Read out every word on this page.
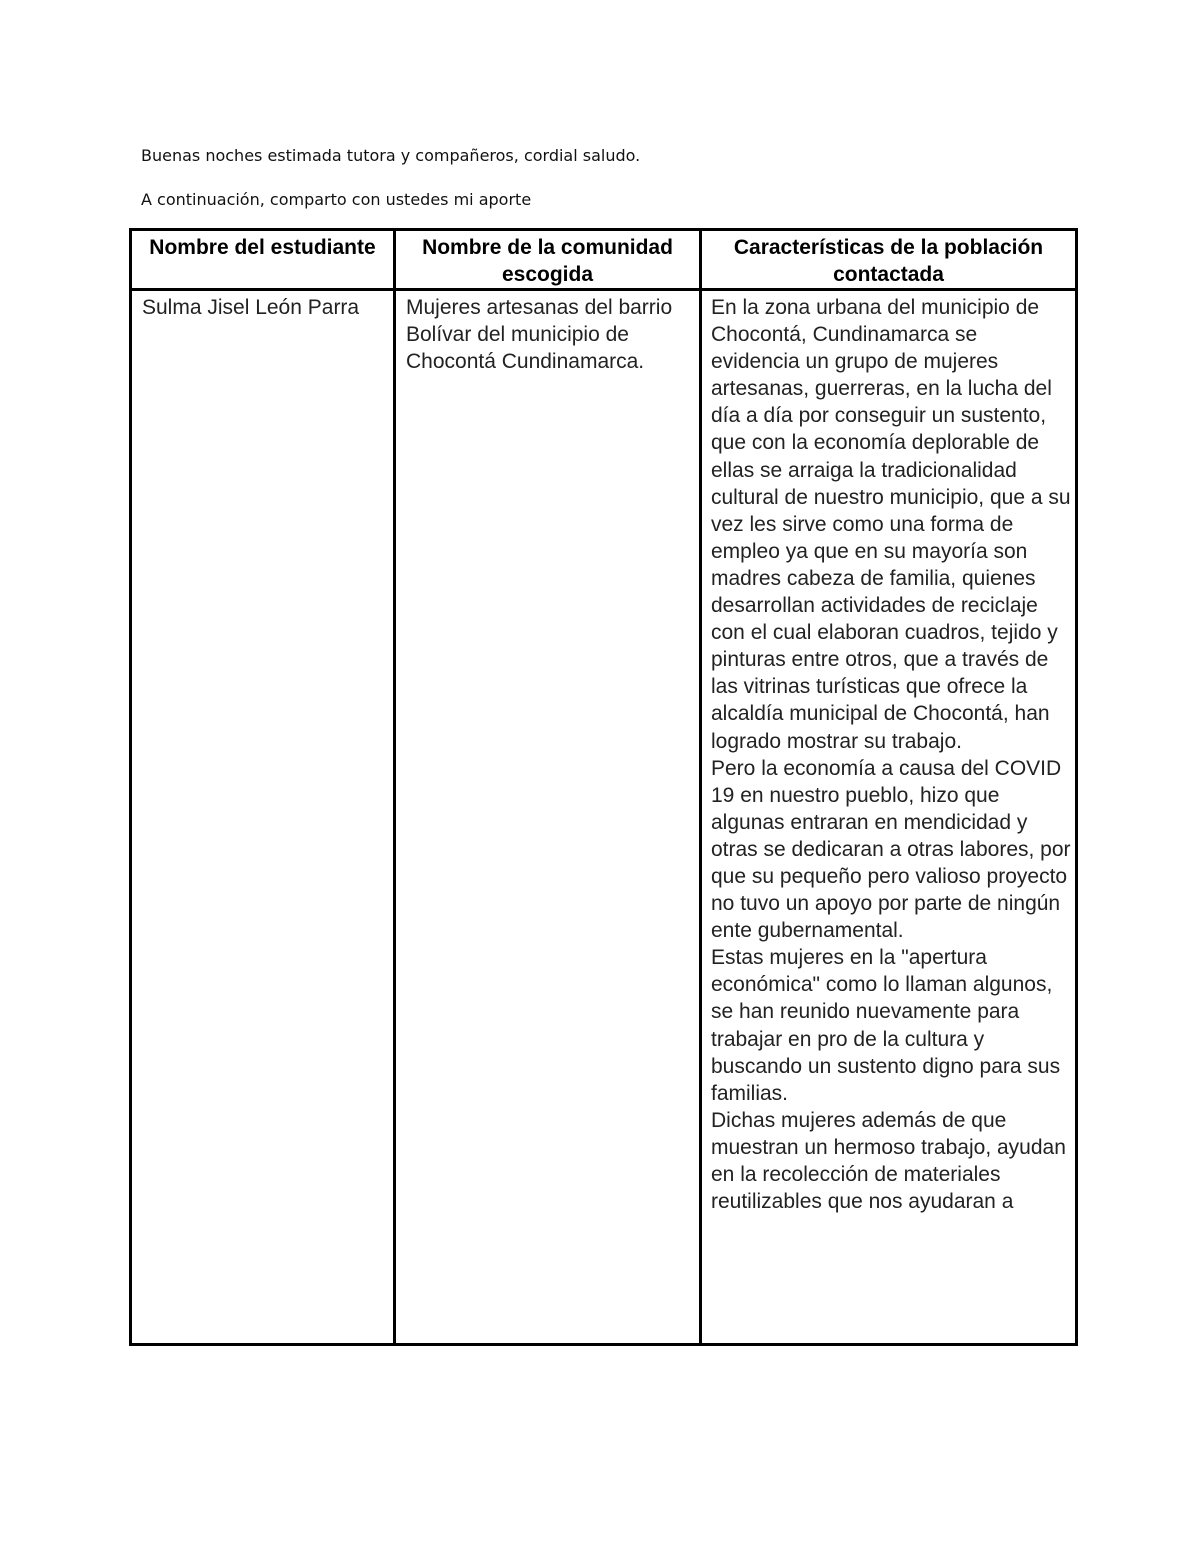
Buenas noches estimada tutora y compañeros, cordial saludo.
A continuación, comparto con ustedes mi aporte
Nombre del estudiante	Nombre de la comunidad escogida	Características de la población contactada
Sulma Jisel León Parra	Mujeres artesanas del barrio Bolívar del municipio de Chocontá Cundinamarca.	En la zona urbana del municipio de Chocontá, Cundinamarca se evidencia un grupo de mujeres artesanas, guerreras, en la lucha del día a día por conseguir un sustento, que con la economía deplorable de ellas se arraiga la tradicionalidad cultural de nuestro municipio, que a su vez les sirve como una forma de empleo ya que en su mayoría son madres cabeza de familia, quienes desarrollan actividades de reciclaje con el cual elaboran cuadros, tejido y pinturas entre otros, que a través de las vitrinas turísticas que ofrece la alcaldía municipal de Chocontá, han logrado mostrar su trabajo.
Pero la economía a causa del COVID 19 en nuestro pueblo, hizo que algunas entraran en mendicidad y otras se dedicaran a otras labores, por que su pequeño pero valioso proyecto no tuvo un apoyo por parte de ningún ente gubernamental.
Estas mujeres en la "apertura económica" como lo llaman algunos, se han reunido nuevamente para trabajar en pro de la cultura y buscando un sustento digno para sus familias.
Dichas mujeres además de que muestran un hermoso trabajo, ayudan en la recolección de materiales reutilizables que nos ayudaran a
